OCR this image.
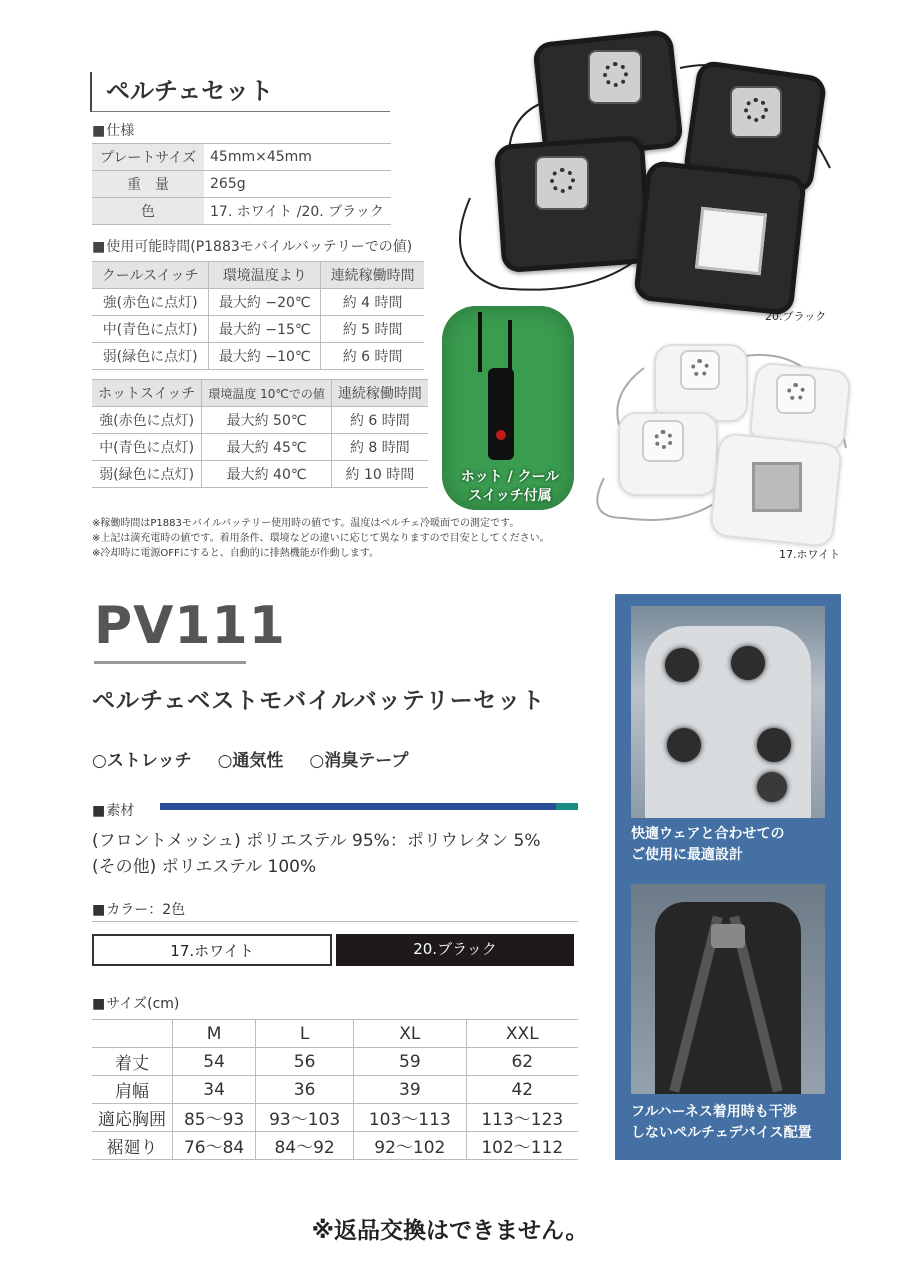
ペルチェセット
■ 仕様
プレートサイズ	45mm×45mm
重　量	265g
色	17. ホワイト /20. ブラック
■ 使用可能時間(P1883モバイルバッテリーでの値)
クールスイッチ	環境温度より	連続稼働時間
強(赤色に点灯)	最大約 −20℃	約 4 時間
中(青色に点灯)	最大約 −15℃	約 5 時間
弱(緑色に点灯)	最大約 −10℃	約 6 時間
ホットスイッチ	環境温度 10℃での値	連続稼働時間
強(赤色に点灯)	最大約 50℃	約 6 時間
中(青色に点灯)	最大約 45℃	約 8 時間
弱(緑色に点灯)	最大約 40℃	約 10 時間
※稼働時間はP1883モバイルバッテリー使用時の値です。温度はペルチェ冷暖面での測定です。
※上記は満充電時の値です。着用条件、環境などの違いに応じて異なりますので目安としてください。
※冷却時に電源OFFにすると、自動的に排熱機能が作動します。
20.ブラック
ホット / クール
スイッチ付属
17.ホワイト
PV111
ペルチェベストモバイルバッテリーセット
○ストレッチ ○通気性 ○消臭テープ
■ 素材
(フロントメッシュ) ポリエステル 95%：ポリウレタン 5%
(その他) ポリエステル 100%
■ カラー：2色
17.ホワイト	20.ブラック
■ サイズ(cm)
	M	L	XL	XXL
着丈	54	56	59	62
肩幅	34	36	39	42
適応胸囲	85〜93	93〜103	103〜113	113〜123
裾廻り	76〜84	84〜92	92〜102	102〜112
※返品交換はできません。
快適ウェアと合わせての
ご使用に最適設計
フルハーネス着用時も干渉
しないペルチェデバイス配置
